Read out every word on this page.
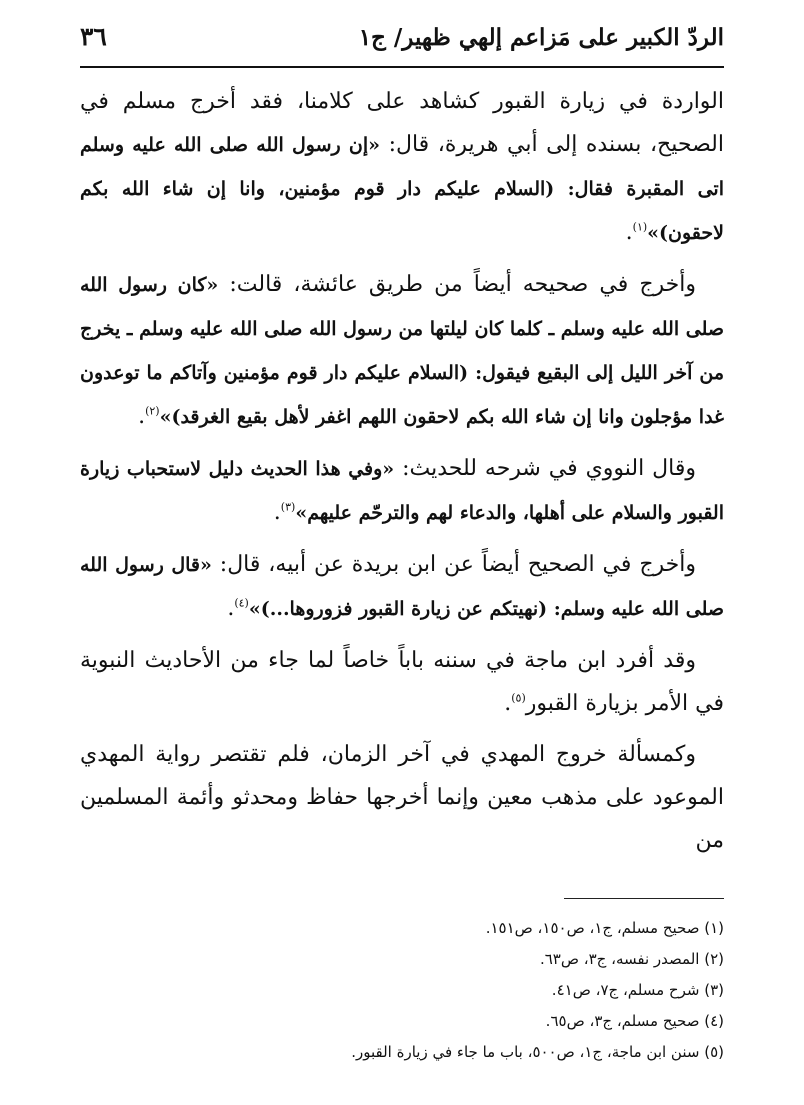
الردّ الكبير على مَزاعم إلهي ظهير/ ج١
٣٦

الواردة في زيارة القبور كشاهد على كلامنا، فقد أخرج مسلم في الصحيح، بسنده إلى أبي هريرة، قال: «إن رسول الله صلى الله عليه وسلم اتى المقبرة فقال: (السلام عليكم دار قوم مؤمنين، وانا إن شاء الله بكم لاحقون)»$^{(١)}$.

وأخرج في صحيحه أيضاً من طريق عائشة، قالت: «كان رسول الله صلى الله عليه وسلم ـ كلما كان ليلتها من رسول الله صلى الله عليه وسلم ـ يخرج من آخر الليل إلى البقيع فيقول: (السلام عليكم دار قوم مؤمنين وآتاكم ما توعدون غدا مؤجلون وانا إن شاء الله بكم لاحقون اللهم اغفر لأهل بقيع الغرقد)»$^{(٢)}$.

وقال النووي في شرحه للحديث: «وفي هذا الحديث دليل لاستحباب زيارة القبور والسلام على أهلها، والدعاء لهم والترحّم عليهم»$^{(٣)}$.

وأخرج في الصحيح أيضاً عن ابن بريدة عن أبيه، قال: «قال رسول الله صلى الله عليه وسلم: (نهيتكم عن زيارة القبور فزوروها...)»$^{(٤)}$.

وقد أفرد ابن ماجة في سننه باباً خاصاً لما جاء من الأحاديث النبوية في الأمر بزيارة القبور$^{(٥)}$.

وكمسألة خروج المهدي في آخر الزمان، فلم تقتصر رواية المهدي الموعود على مذهب معين وإنما أخرجها حفاظ ومحدثو وأئمة المسلمين من

(١) صحيح مسلم، ج١، ص١٥٠، ص١٥١.
(٢) المصدر نفسه، ج٣، ص٦٣.
(٣) شرح مسلم، ج٧، ص٤١.
(٤) صحيح مسلم، ج٣، ص٦٥.
(٥) سنن ابن ماجة، ج١، ص٥٠٠، باب ما جاء في زيارة القبور.
